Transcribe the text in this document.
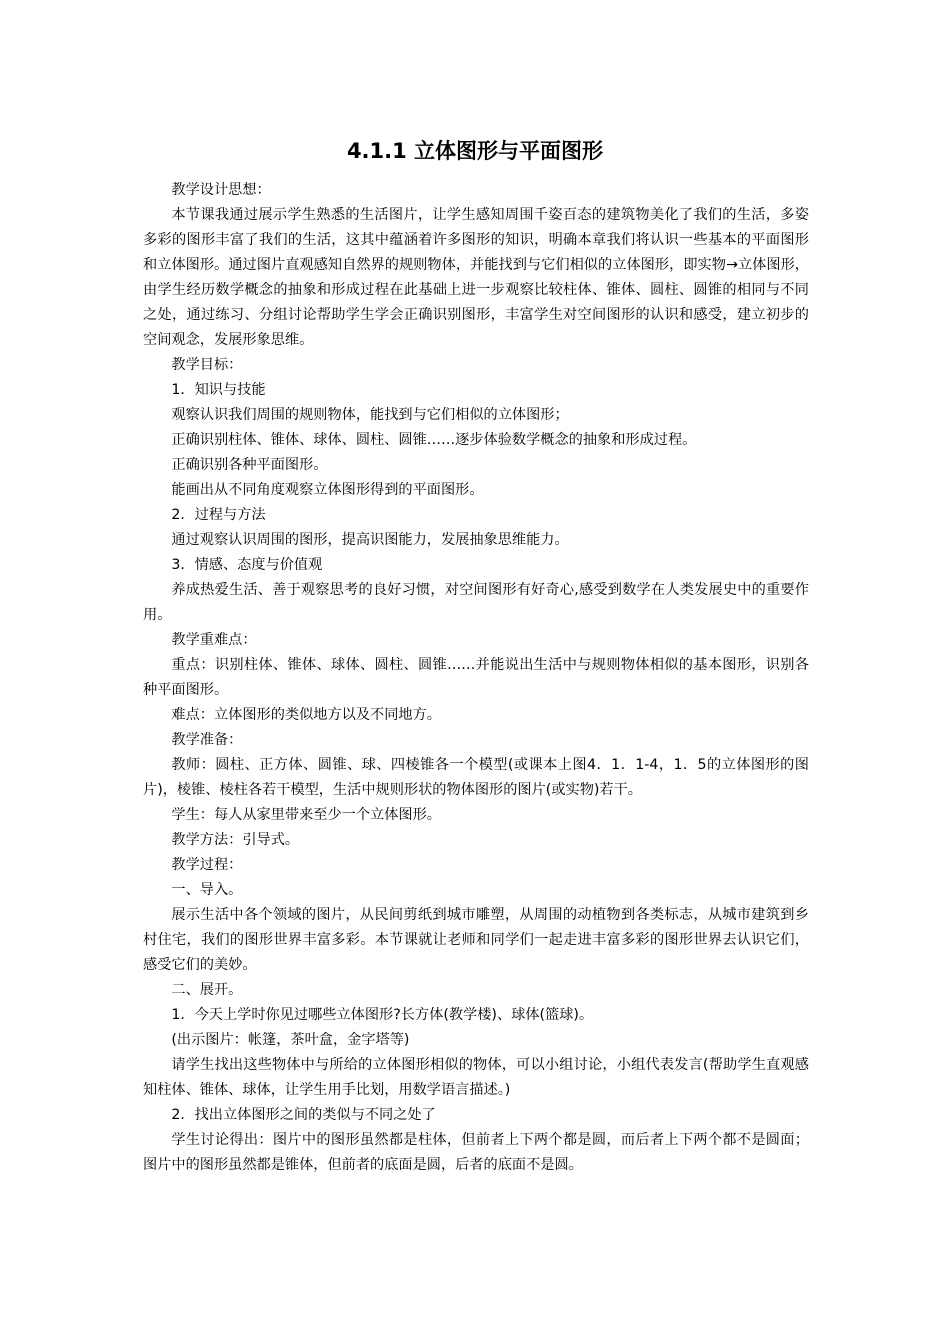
4.1.1 立体图形与平面图形

教学设计思想：

本节课我通过展示学生熟悉的生活图片，让学生感知周围千姿百态的建筑物美化了我们的生活，多姿多彩的图形丰富了我们的生活，这其中蕴涵着许多图形的知识，明确本章我们将认识一些基本的平面图形和立体图形。通过图片直观感知自然界的规则物体，并能找到与它们相似的立体图形，即实物→立体图形，由学生经历数学概念的抽象和形成过程在此基础上进一步观察比较柱体、锥体、圆柱、圆锥的相同与不同之处，通过练习、分组讨论帮助学生学会正确识别图形，丰富学生对空间图形的认识和感受，建立初步的空间观念，发展形象思维。

教学目标：

1．知识与技能

观察认识我们周围的规则物体，能找到与它们相似的立体图形；

正确识别柱体、锥体、球体、圆柱、圆锥……逐步体验数学概念的抽象和形成过程。

正确识别各种平面图形。

能画出从不同角度观察立体图形得到的平面图形。

2．过程与方法

通过观察认识周围的图形，提高识图能力，发展抽象思维能力。

3．情感、态度与价值观

养成热爱生活、善于观察思考的良好习惯，对空间图形有好奇心,感受到数学在人类发展史中的重要作用。

教学重难点：

重点：识别柱体、锥体、球体、圆柱、圆锥……并能说出生活中与规则物体相似的基本图形，识别各种平面图形。

难点：立体图形的类似地方以及不同地方。

教学准备：

教师：圆柱、正方体、圆锥、球、四棱锥各一个模型(或课本上图4．1．1-4，1．5的立体图形的图片)，棱锥、棱柱各若干模型，生活中规则形状的物体图形的图片(或实物)若干。

学生：每人从家里带来至少一个立体图形。

教学方法：引导式。

教学过程：

一、导入。

展示生活中各个领域的图片，从民间剪纸到城市雕塑，从周围的动植物到各类标志，从城市建筑到乡村住宅，我们的图形世界丰富多彩。本节课就让老师和同学们一起走进丰富多彩的图形世界去认识它们，感受它们的美妙。

二、展开。

1．今天上学时你见过哪些立体图形?长方体(教学楼)、球体(篮球)。

(出示图片：帐篷，茶叶盒，金字塔等)

请学生找出这些物体中与所给的立体图形相似的物体，可以小组讨论，小组代表发言(帮助学生直观感知柱体、锥体、球体，让学生用手比划，用数学语言描述。)

2．找出立体图形之间的类似与不同之处了

学生讨论得出：图片中的图形虽然都是柱体，但前者上下两个都是圆，而后者上下两个都不是圆面；图片中的图形虽然都是锥体，但前者的底面是圆，后者的底面不是圆。
